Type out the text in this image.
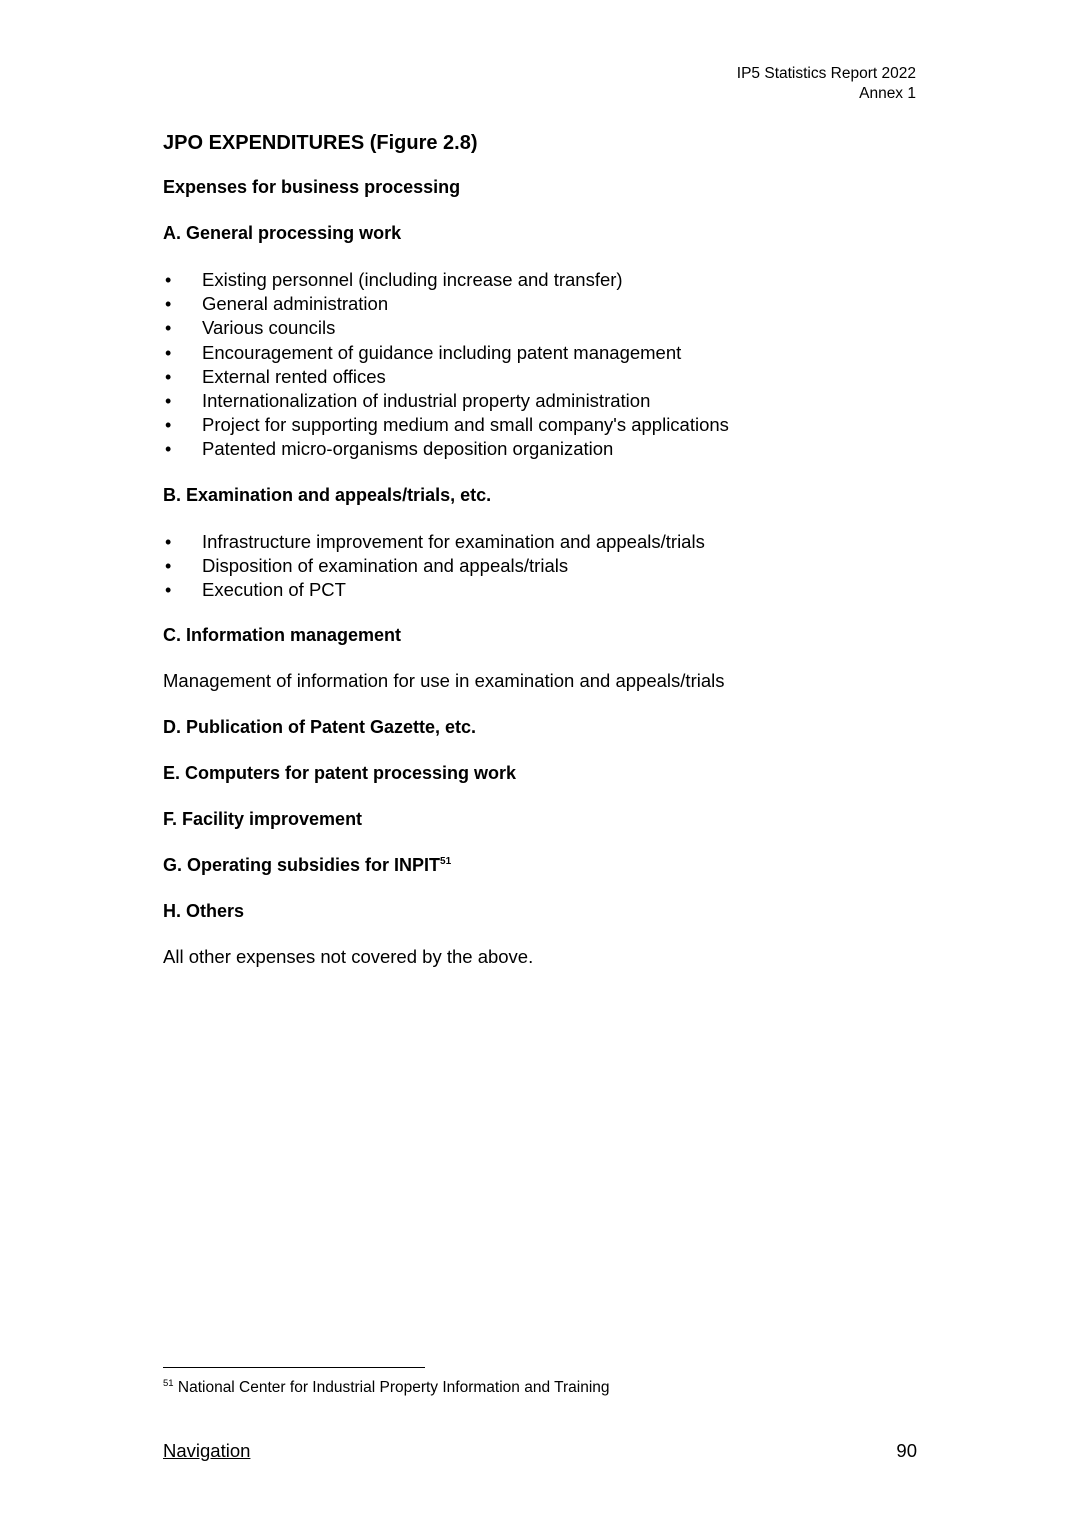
IP5 Statistics Report 2022
Annex 1
JPO EXPENDITURES (Figure 2.8)
Expenses for business processing
A. General processing work
• Existing personnel (including increase and transfer)
• General administration
• Various councils
• Encouragement of guidance including patent management
• External rented offices
• Internationalization of industrial property administration
• Project for supporting medium and small company's applications
• Patented micro-organisms deposition organization
B. Examination and appeals/trials, etc.
• Infrastructure improvement for examination and appeals/trials
• Disposition of examination and appeals/trials
• Execution of PCT
C. Information management
Management of information for use in examination and appeals/trials
D. Publication of Patent Gazette, etc.
E. Computers for patent processing work
F. Facility improvement
G. Operating subsidies for INPIT$^{51}$
H. Others
All other expenses not covered by the above.
$^{51}$ National Center for Industrial Property Information and Training
Navigation	90
